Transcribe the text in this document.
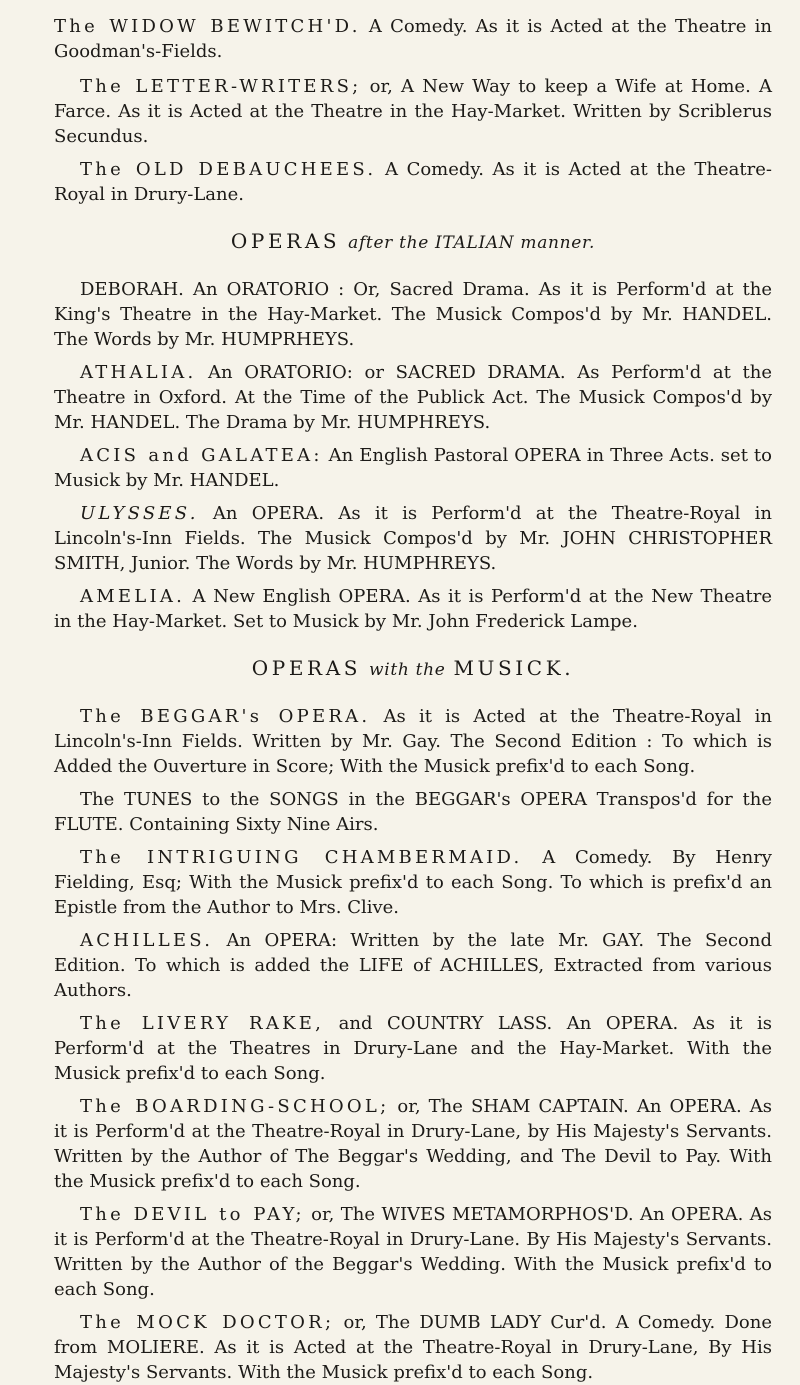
The WIDOW BEWITCH'D. A Comedy. As it is Acted at the Theatre in Goodman's-Fields.

The LETTER-WRITERS; or, A New Way to keep a Wife at Home. A Farce. As it is Acted at the Theatre in the Hay-Market. Written by Scriblerus Secundus.

The OLD DEBAUCHEES. A Comedy. As it is Acted at the Theatre-Royal in Drury-Lane.

OPERAS after the ITALIAN manner.

DEBORAH. An ORATORIO : Or, Sacred Drama. As it is Perform'd at the King's Theatre in the Hay-Market. The Musick Compos'd by Mr. HANDEL. The Words by Mr. HUMPRHEYS.

ATHALIA. An ORATORIO: or SACRED DRAMA. As Perform'd at the Theatre in Oxford. At the Time of the Publick Act. The Musick Compos'd by Mr. HANDEL. The Drama by Mr. HUMPHREYS.

ACIS and GALATEA: An English Pastoral OPERA in Three Acts. set to Musick by Mr. HANDEL.

ULYSSES. An OPERA. As it is Perform'd at the Theatre-Royal in Lincoln's-Inn Fields. The Musick Compos'd by Mr. JOHN CHRISTOPHER SMITH, Junior. The Words by Mr. HUMPHREYS.

AMELIA. A New English OPERA. As it is Perform'd at the New Theatre in the Hay-Market. Set to Musick by Mr. John Frederick Lampe.

OPERAS with the MUSICK.

The BEGGAR's OPERA. As it is Acted at the Theatre-Royal in Lincoln's-Inn Fields. Written by Mr. Gay. The Second Edition : To which is Added the Ouverture in Score; With the Musick prefix'd to each Song.

The TUNES to the SONGS in the BEGGAR's OPERA Transpos'd for the FLUTE. Containing Sixty Nine Airs.

The INTRIGUING CHAMBERMAID. A Comedy. By Henry Fielding, Esq; With the Musick prefix'd to each Song. To which is prefix'd an Epistle from the Author to Mrs. Clive.

ACHILLES. An OPERA: Written by the late Mr. GAY. The Second Edition. To which is added the LIFE of ACHILLES, Extracted from various Authors.

The LIVERY RAKE, and COUNTRY LASS. An OPERA. As it is Perform'd at the Theatres in Drury-Lane and the Hay-Market. With the Musick prefix'd to each Song.

The BOARDING-SCHOOL; or, The SHAM CAPTAIN. An OPERA. As it is Perform'd at the Theatre-Royal in Drury-Lane, by His Majesty's Servants. Written by the Author of The Beggar's Wedding, and The Devil to Pay. With the Musick prefix'd to each Song.

The DEVIL to PAY; or, The WIVES METAMORPHOS'D. An OPERA. As it is Perform'd at the Theatre-Royal in Drury-Lane. By His Majesty's Servants. Written by the Author of the Beggar's Wedding. With the Musick prefix'd to each Song.

The MOCK DOCTOR; or, The DUMB LADY Cur'd. A Comedy. Done from MOLIERE. As it is Acted at the Theatre-Royal in Drury-Lane, By His Majesty's Servants. With the Musick prefix'd to each Song.
